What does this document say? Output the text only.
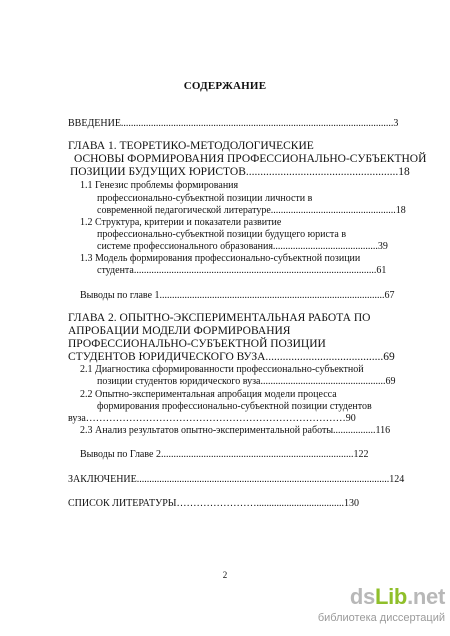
СОДЕРЖАНИЕ
ВВЕДЕНИЕ.............................................................................................................3
ГЛАВА 1. ТЕОРЕТИКО-МЕТОДОЛОГИЧЕСКИЕ
ОСНОВЫ ФОРМИРОВАНИЯ ПРОФЕССИОНАЛЬНО-СУБЪЕКТНОЙ
ПОЗИЦИИ БУДУЩИХ ЮРИСТОВ.....................................................18
1.1 Генезис проблемы формирования
профессионально-субъектной позиции личности в
современной педагогической литературе..................................................18
1.2 Структура, критерии и показатели развитие
профессионально-субъектной позиции будущего юриста в
системе профессионального образования..........................................39
1.3 Модель формирования профессионально-субъектной позиции
студента.................................................................................................61
Выводы по главе 1..........................................................................................67
ГЛАВА 2. ОПЫТНО-ЭКСПЕРИМЕНТАЛЬНАЯ РАБОТА ПО
АПРОБАЦИИ МОДЕЛИ ФОРМИРОВАНИЯ
ПРОФЕССИОНАЛЬНО-СУБЪЕКТНОЙ ПОЗИЦИИ
СТУДЕНТОВ ЮРИДИЧЕСКОГО ВУЗА.........................................69
2.1 Диагностика сформированности профессионально-субъектной
позиции студентов юридического вуза..................................................69
2.2 Опытно-экспериментальная апробация модели процесса
формирования профессионально-субъектной позиции студентов
вуза……………………………………………………………………90
2.3 Анализ результатов опытно-экспериментальной работы.................116
Выводы по Главе 2.............................................................................122
ЗАКЛЮЧЕНИЕ.....................................................................................................124
СПИСОК ЛИТЕРАТУРЫ……………………...................................130
2
dsLib.net
библиотека диссертаций
